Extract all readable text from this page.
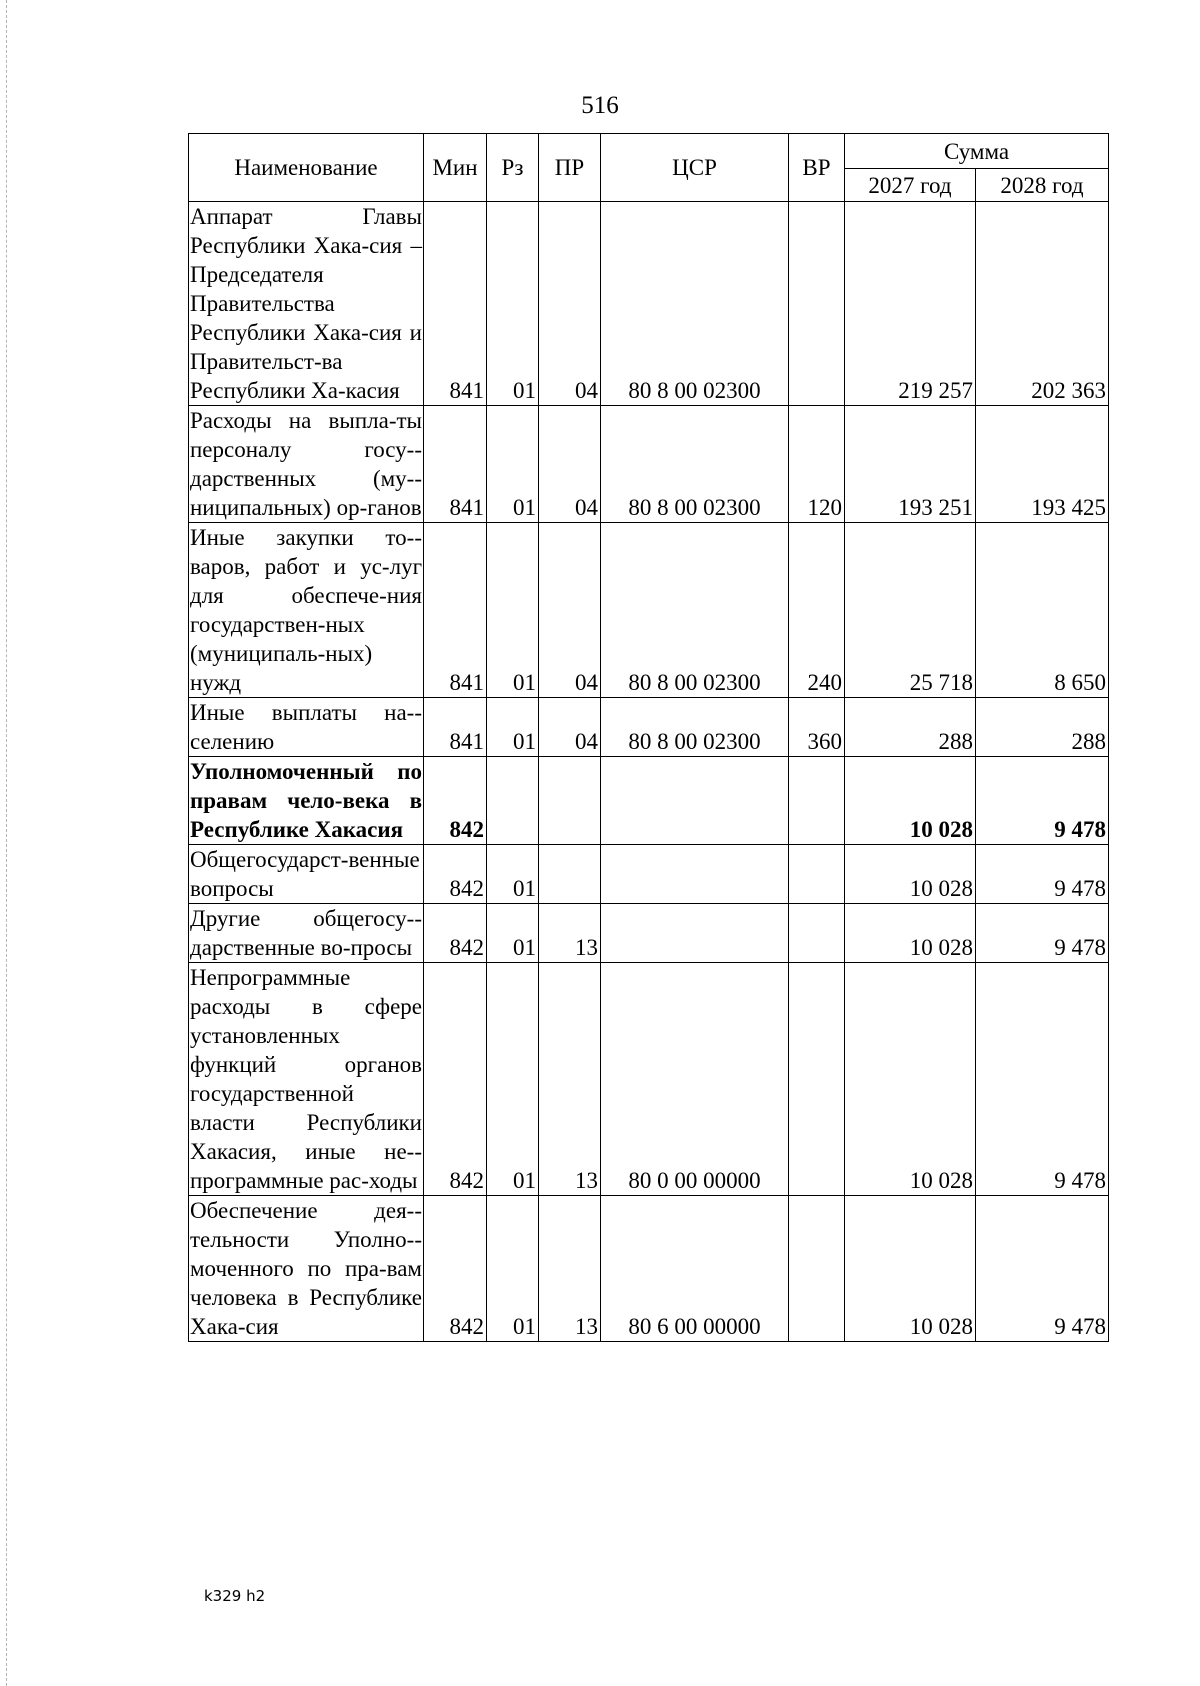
516
Наименование	Мин	Рз	ПР	ЦСР	ВР	Сумма	
						2027 год	2028 год
Аппарат Главы Республики Хака-сия – Председателя Правительства Республики Хака-сия и Правительст-ва Республики Ха-касия	841	01	04	80 8 00 02300		219 257	202 363
Расходы на выпла-ты персоналу госу-дарственных (му-ниципальных) ор-ганов	841	01	04	80 8 00 02300	120	193 251	193 425
Иные закупки то-варов, работ и ус-луг для обеспече-ния государствен-ных (муниципаль-ных) нужд	841	01	04	80 8 00 02300	240	25 718	8 650
Иные выплаты на-селению	841	01	04	80 8 00 02300	360	288	288
Уполномоченный по правам чело-века в Республике Хакасия	842					10 028	9 478
Общегосударст-венные вопросы	842	01				10 028	9 478
Другие общегосу-дарственные во-просы	842	01	13			10 028	9 478
Непрограммные расходы в сфере установленных функций органов государственной власти Республики Хакасия, иные не-программные рас-ходы	842	01	13	80 0 00 00000		10 028	9 478
Обеспечение дея-тельности Уполно-моченного по пра-вам человека в Республике Хака-сия	842	01	13	80 6 00 00000		10 028	9 478
k329 h2
